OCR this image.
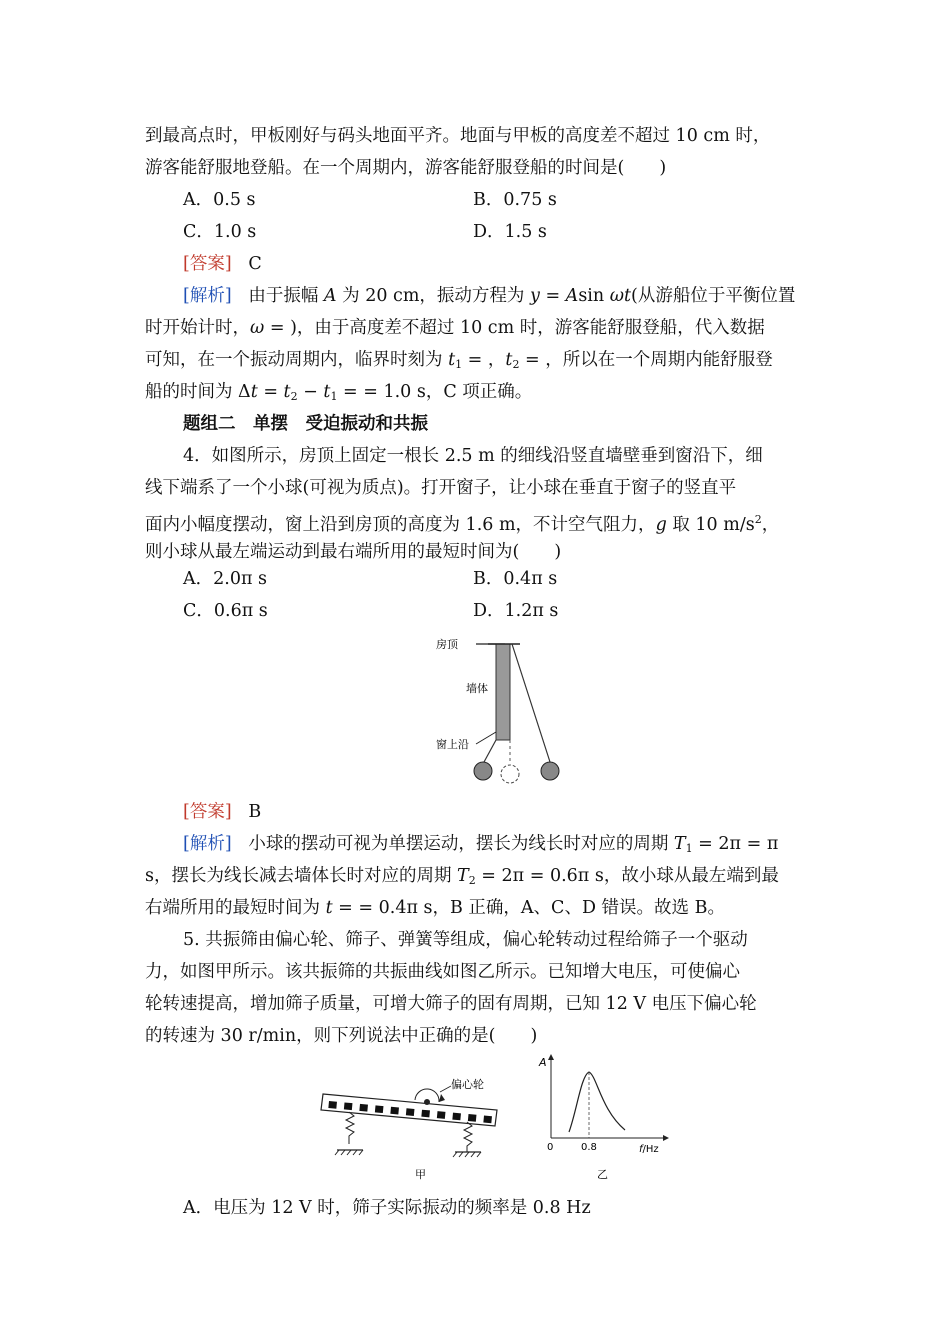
到最高点时，甲板刚好与码头地面平齐。地面与甲板的高度差不超过 10 cm 时，
游客能舒服地登船。在一个周期内，游客能舒服登船的时间是(　　)
A．0.5 s	B．0.75 s
C．1.0 s	D．1.5 s
[答案] C
[解析] 由于振幅 A 为 20 cm，振动方程为 y = Asin ωt(从游船位于平衡位置
时开始计时，ω = )，由于高度差不超过 10 cm 时，游客能舒服登船，代入数据
可知，在一个振动周期内，临界时刻为 $t_1$ = ，$t_2$ = ，所以在一个周期内能舒服登
船的时间为 $\Delta t = t_2 - t_1$ = = 1.0 s，C 项正确。
题组二　单摆　受迫振动和共振
4．如图所示，房顶上固定一根长 2.5 m 的细线沿竖直墙壁垂到窗沿下，细
线下端系了一个小球(可视为质点)。打开窗子，让小球在垂直于窗子的竖直平
面内小幅度摆动，窗上沿到房顶的高度为 1.6 m，不计空气阻力，g 取 10 $m/s^2$，
则小球从最左端运动到最右端所用的最短时间为(　　)
A．2.0π s	B．0.4π s
C．0.6π s	D．1.2π s
房顶
墙体
窗上沿
[答案] B
[解析] 小球的摆动可视为单摆运动，摆长为线长时对应的周期 $T_1 = 2\pi = \pi$
s，摆长为线长减去墙体长时对应的周期 $T_2 = 2\pi = 0.6\pi$ s，故小球从最左端到最
右端所用的最短时间为 t = = 0.4π s，B 正确，A、C、D 错误。故选 B。
5. 共振筛由偏心轮、筛子、弹簧等组成，偏心轮转动过程给筛子一个驱动
力，如图甲所示。该共振筛的共振曲线如图乙所示。已知增大电压，可使偏心
轮转速提高，增加筛子质量，可增大筛子的固有周期，已知 12 V 电压下偏心轮
的转速为 30 r/min，则下列说法中正确的是(　　)
偏心轮
甲
A
0	0.8	f/Hz
乙
A．电压为 12 V 时，筛子实际振动的频率是 0.8 Hz
